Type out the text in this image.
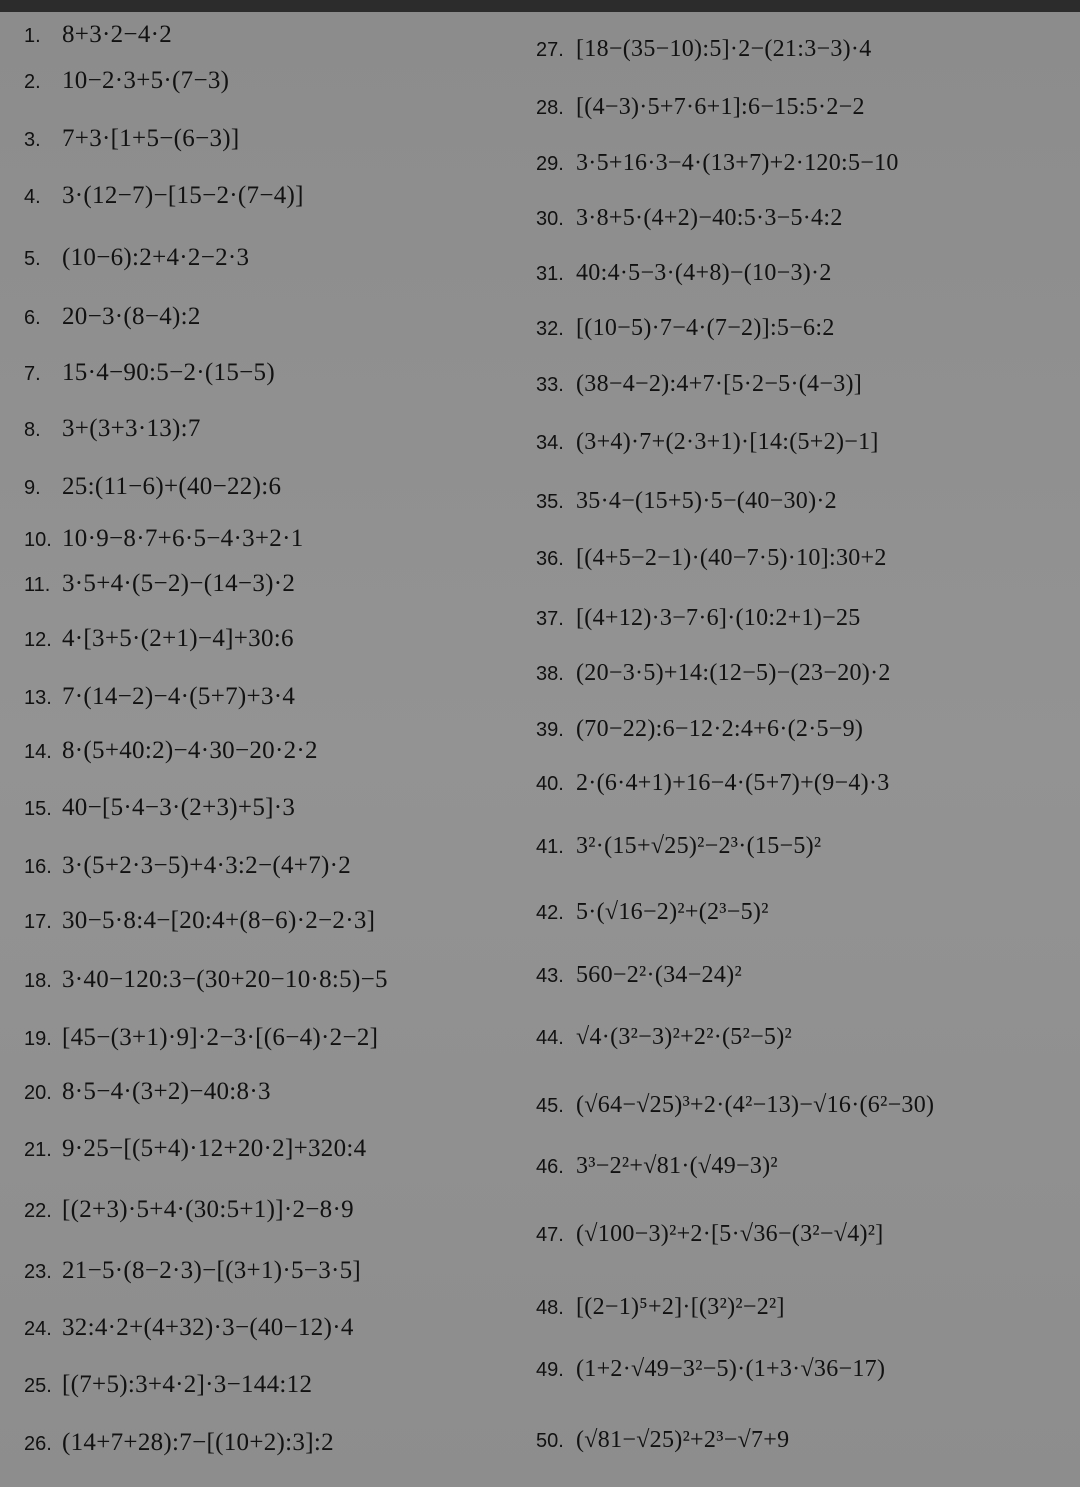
1. 8+3·2−4·2
2. 10−2·3+5·(7−3)
3. 7+3·[1+5−(6−3)]
4. 3·(12−7)−[15−2·(7−4)]
5. (10−6):2+4·2−2·3
6. 20−3·(8−4):2
7. 15·4−90:5−2·(15−5)
8. 3+(3+3·13):7
9. 25:(11−6)+(40−22):6
10. 10·9−8·7+6·5−4·3+2·1
11. 3·5+4·(5−2)−(14−3)·2
12. 4·[3+5·(2+1)−4]+30:6
13. 7·(14−2)−4·(5+7)+3·4
14. 8·(5+40:2)−4·30−20·2·2
15. 40−[5·4−3·(2+3)+5]·3
16. 3·(5+2·3−5)+4·3:2−(4+7)·2
17. 30−5·8:4−[20:4+(8−6)·2−2·3]
18. 3·40−120:3−(30+20−10·8:5)−5
19. [45−(3+1)·9]·2−3·[(6−4)·2−2]
20. 8·5−4·(3+2)−40:8·3
21. 9·25−[(5+4)·12+20·2]+320:4
22. [(2+3)·5+4·(30:5+1)]·2−8·9
23. 21−5·(8−2·3)−[(3+1)·5−3·5]
24. 32:4·2+(4+32)·3−(40−12)·4
25. [(7+5):3+4·2]·3−144:12
26. (14+7+28):7−[(10+2):3]:2
27. [18−(35−10):5]·2−(21:3−3)·4
28. [(4−3)·5+7·6+1]:6−15:5·2−2
29. 3·5+16·3−4·(13+7)+2·120:5−10
30. 3·8+5·(4+2)−40:5·3−5·4:2
31. 40:4·5−3·(4+8)−(10−3)·2
32. [(10−5)·7−4·(7−2)]:5−6:2
33. (38−4−2):4+7·[5·2−5·(4−3)]
34. (3+4)·7+(2·3+1)·[14:(5+2)−1]
35. 35·4−(15+5)·5−(40−30)·2
36. [(4+5−2−1)·(40−7·5)·10]:30+2
37. [(4+12)·3−7·6]·(10:2+1)−25
38. (20−3·5)+14:(12−5)−(23−20)·2
39. (70−22):6−12·2:4+6·(2·5−9)
40. 2·(6·4+1)+16−4·(5+7)+(9−4)·3
41. 3²·(15+√25)²−2³·(15−5)²
42. 5·(√16−2)²+(2³−5)²
43. 560−2²·(34−24)²
44. √4·(3²−3)²+2²·(5²−5)²
45. (√64−√25)³+2·(4²−13)−√16·(6²−30)
46. 3³−2²+√81·(√49−3)²
47. (√100−3)²+2·[5·√36−(3²−√4)²]
48. [(2−1)⁵+2]·[(3²)²−2²]
49. (1+2·√49−3²−5)·(1+3·√36−17)
50. (√81−√25)²+2³−√7+9
